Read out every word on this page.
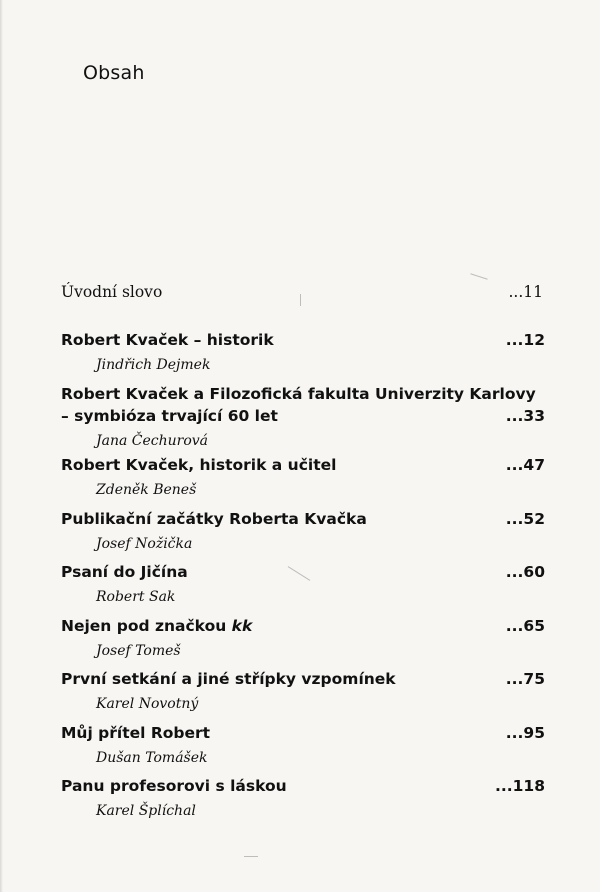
Obsah
Úvodní slovo	...11
Robert Kvaček – historik	...12
Jindřich Dejmek
Robert Kvaček a Filozofická fakulta Univerzity Karlovy
– symbióza trvající 60 let	...33
Jana Čechurová
Robert Kvaček, historik a učitel	...47
Zdeněk Beneš
Publikační začátky Roberta Kvačka	...52
Josef Nožička
Psaní do Jičína	...60
Robert Sak
Nejen pod značkou kk	...65
Josef Tomeš
První setkání a jiné střípky vzpomínek	...75
Karel Novotný
Můj přítel Robert	...95
Dušan Tomášek
Panu profesorovi s láskou	...118
Karel Šplíchal
